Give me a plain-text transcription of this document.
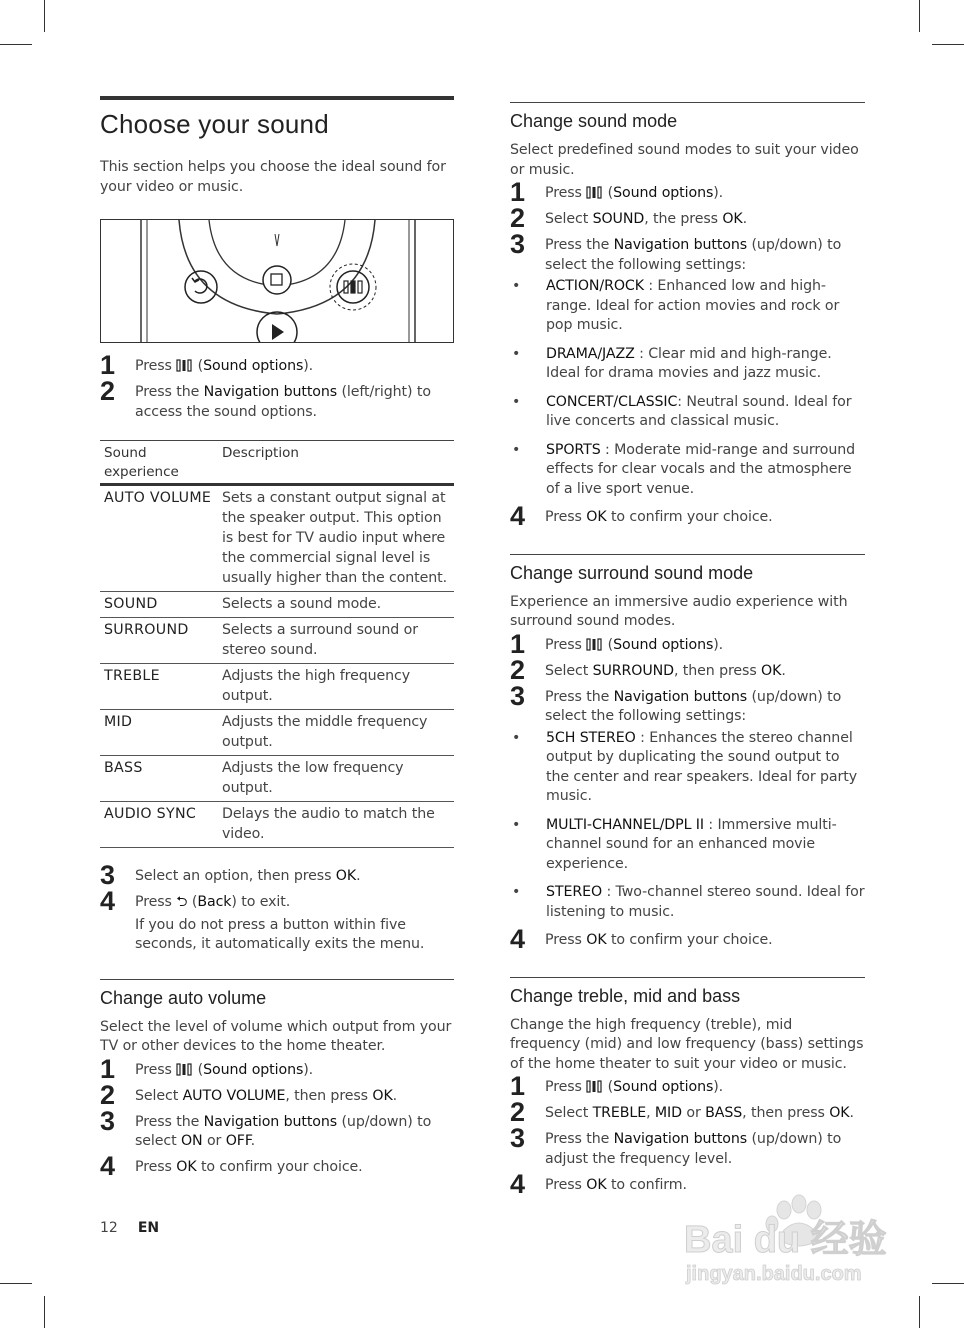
Choose your sound

This section helps you choose the ideal sound for your video or music.

1 Press  (Sound options).
2 Press the Navigation buttons (left/right) to access the sound options.
Sound experience	Description
AUTO VOLUME	Sets a constant output signal at the speaker output. This option is best for TV audio input where the commercial signal level is usually higher than the content.
SOUND	Selects a sound mode.
SURROUND	Selects a surround sound or stereo sound.
TREBLE	Adjusts the high frequency output.
MID	Adjusts the middle frequency output.
BASS	Adjusts the low frequency output.
AUDIO SYNC	Delays the audio to match the video.
3 Select an option, then press OK.
4 Press ⮌ (Back) to exit.
If you do not press a button within five seconds, it automatically exits the menu.
Change auto volume

Select the level of volume which output from your TV or other devices to the home theater.

1 Press  (Sound options).
2 Select AUTO VOLUME, then press OK.
3 Press the Navigation buttons (up/down) to select ON or OFF.
4 Press OK to confirm your choice.
Change sound mode

Select predefined sound modes to suit your video or music.

1 Press  (Sound options).
2 Select SOUND, the press OK.
3 Press the Navigation buttons (up/down) to select the following settings:
• ACTION/ROCK : Enhanced low and high-range. Ideal for action movies and rock or pop music.
• DRAMA/JAZZ : Clear mid and high-range. Ideal for drama movies and jazz music.
• CONCERT/CLASSIC: Neutral sound. Ideal for live concerts and classical music.
• SPORTS : Moderate mid-range and surround effects for clear vocals and the atmosphere of a live sport venue.
4 Press OK to confirm your choice.
Change surround sound mode

Experience an immersive audio experience with surround sound modes.

1 Press  (Sound options).
2 Select SURROUND, then press OK.
3 Press the Navigation buttons (up/down) to select the following settings:
• 5CH STEREO : Enhances the stereo channel output by duplicating the sound output to the center and rear speakers. Ideal for party music.
• MULTI-CHANNEL/DPL II : Immersive multi-channel sound for an enhanced movie experience.
• STEREO : Two-channel stereo sound. Ideal for listening to music.
4 Press OK to confirm your choice.
Change treble, mid and bass

Change the high frequency (treble), mid frequency (mid) and low frequency (bass) settings of the home theater to suit your video or music.

1 Press  (Sound options).
2 Select TREBLE, MID or BASS, then press OK.
3 Press the Navigation buttons (up/down) to adjust the frequency level.
4 Press OK to confirm.
12 EN	Bai du 经验
jingyan.baidu.com
